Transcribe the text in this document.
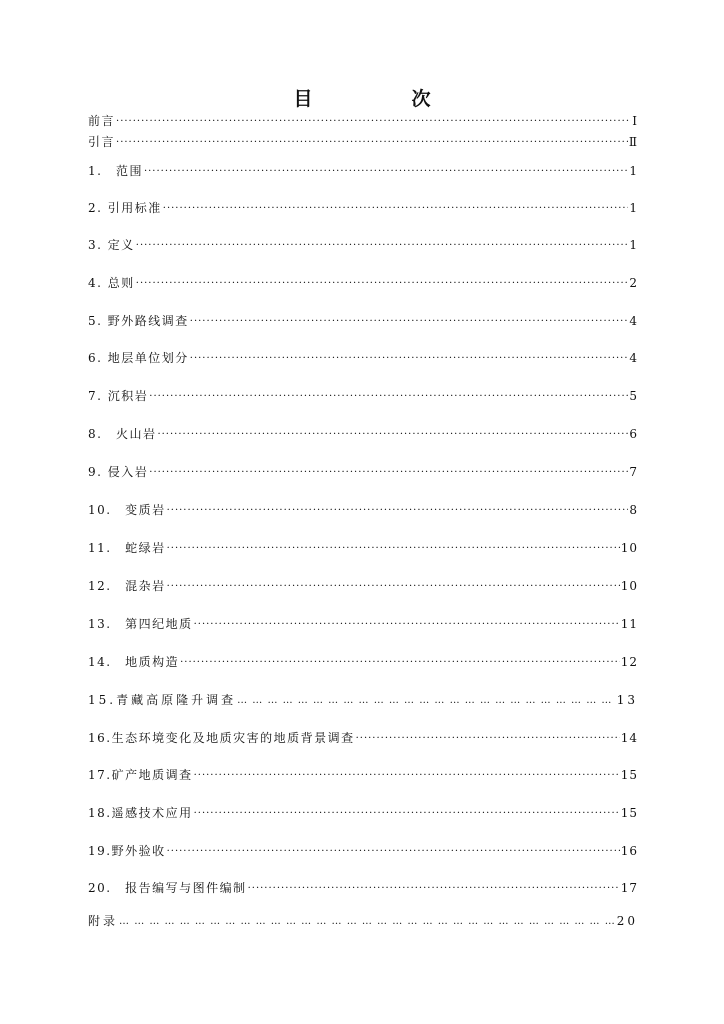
目　次
前言 ·····	Ⅰ
引言 ·····	Ⅱ
1.　范围 ·····	1
2. 引用标准 ·····	1
3. 定义 ·····	1
4. 总则 ·····	2
5. 野外路线调查 ·····	4
6. 地层单位划分 ·····	4
7. 沉积岩 ·····	5
8.　火山岩 ·····	6
9. 侵入岩 ·····	7
10.　变质岩 ·····	8
11.　蛇绿岩 ·····	10
12.　混杂岩 ·····	10
13.　第四纪地质 ·····	11
14.　地质构造 ·····	12
15.青藏高原隆升调查 … … … … … … … … … … … … … … … … … … … … … … … … … … … … … … … … … … … … … … … … … … … … … … … … … … … … … … …	13
16.生态环境变化及地质灾害的地质背景调查 ·····	14
17.矿产地质调查 ·····	15
18.遥感技术应用 ·····	15
19.野外验收 ·····	16
20.　报告编写与图件编制 ·····	17
附录 … … … … … … … … … … … … … … … … … … … … … … … … … … … … … … … … … … … … … … … … … … … … … … … … … … … … … … …	20
